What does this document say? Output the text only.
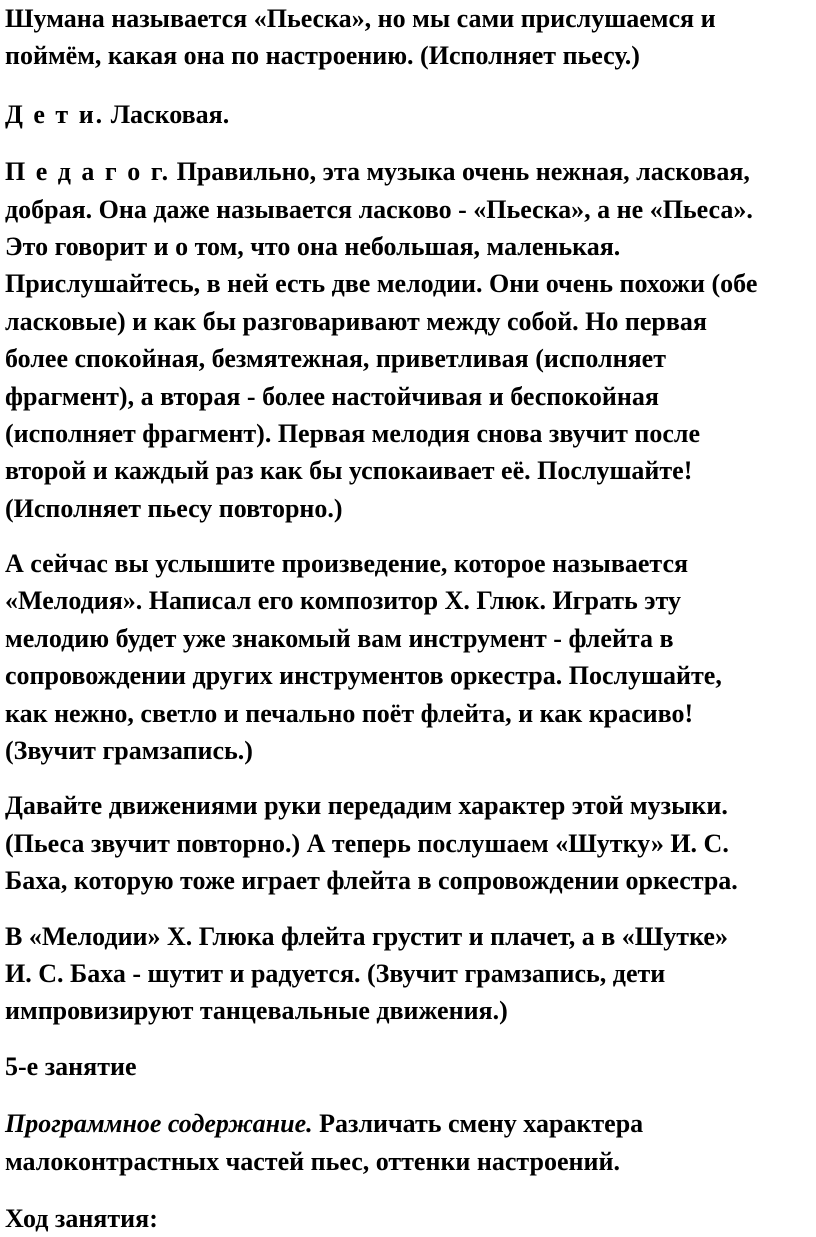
Шумана называется «Пьеска», но мы сами прислушаемся и
поймём, какая она по настроению. (Исполняет пьесу.)

Д е т и. Ласковая.

П е д а г о г. Правильно, эта музыка очень нежная, ласковая,
добрая. Она даже называется ласково - «Пьеска», а не «Пьеса».
Это говорит и о том, что она небольшая, маленькая.
Прислушайтесь, в ней есть две мелодии. Они очень похожи (обе
ласковые) и как бы разговаривают между собой. Но первая
более спокойная, безмятежная, приветливая (исполняет
фрагмент), а вторая - более настойчивая и беспокойная
(исполняет фрагмент). Первая мелодия снова звучит после
второй и каждый раз как бы успокаивает её. Послушайте!
(Исполняет пьесу повторно.)

А сейчас вы услышите произведение, которое называется
«Мелодия». Написал его композитор X. Глюк. Играть эту
мелодию будет уже знакомый вам инструмент - флейта в
сопровождении других инструментов оркестра. Послушайте,
как нежно, светло и печально поёт флейта, и как красиво!
(Звучит грамзапись.)

Давайте движениями руки передадим характер этой музыки.
(Пьеса звучит повторно.) А теперь послушаем «Шутку» И. С.
Баха, которую тоже играет флейта в сопровождении оркестра.

В «Мелодии» X. Глюка флейта грустит и плачет, а в «Шутке»
И. С. Баха - шутит и радуется. (Звучит грамзапись, дети
импровизируют танцевальные движения.)

5-е занятие

Программное содержание. Различать смену характера
малоконтрастных частей пьес, оттенки настроений.

Ход занятия:
